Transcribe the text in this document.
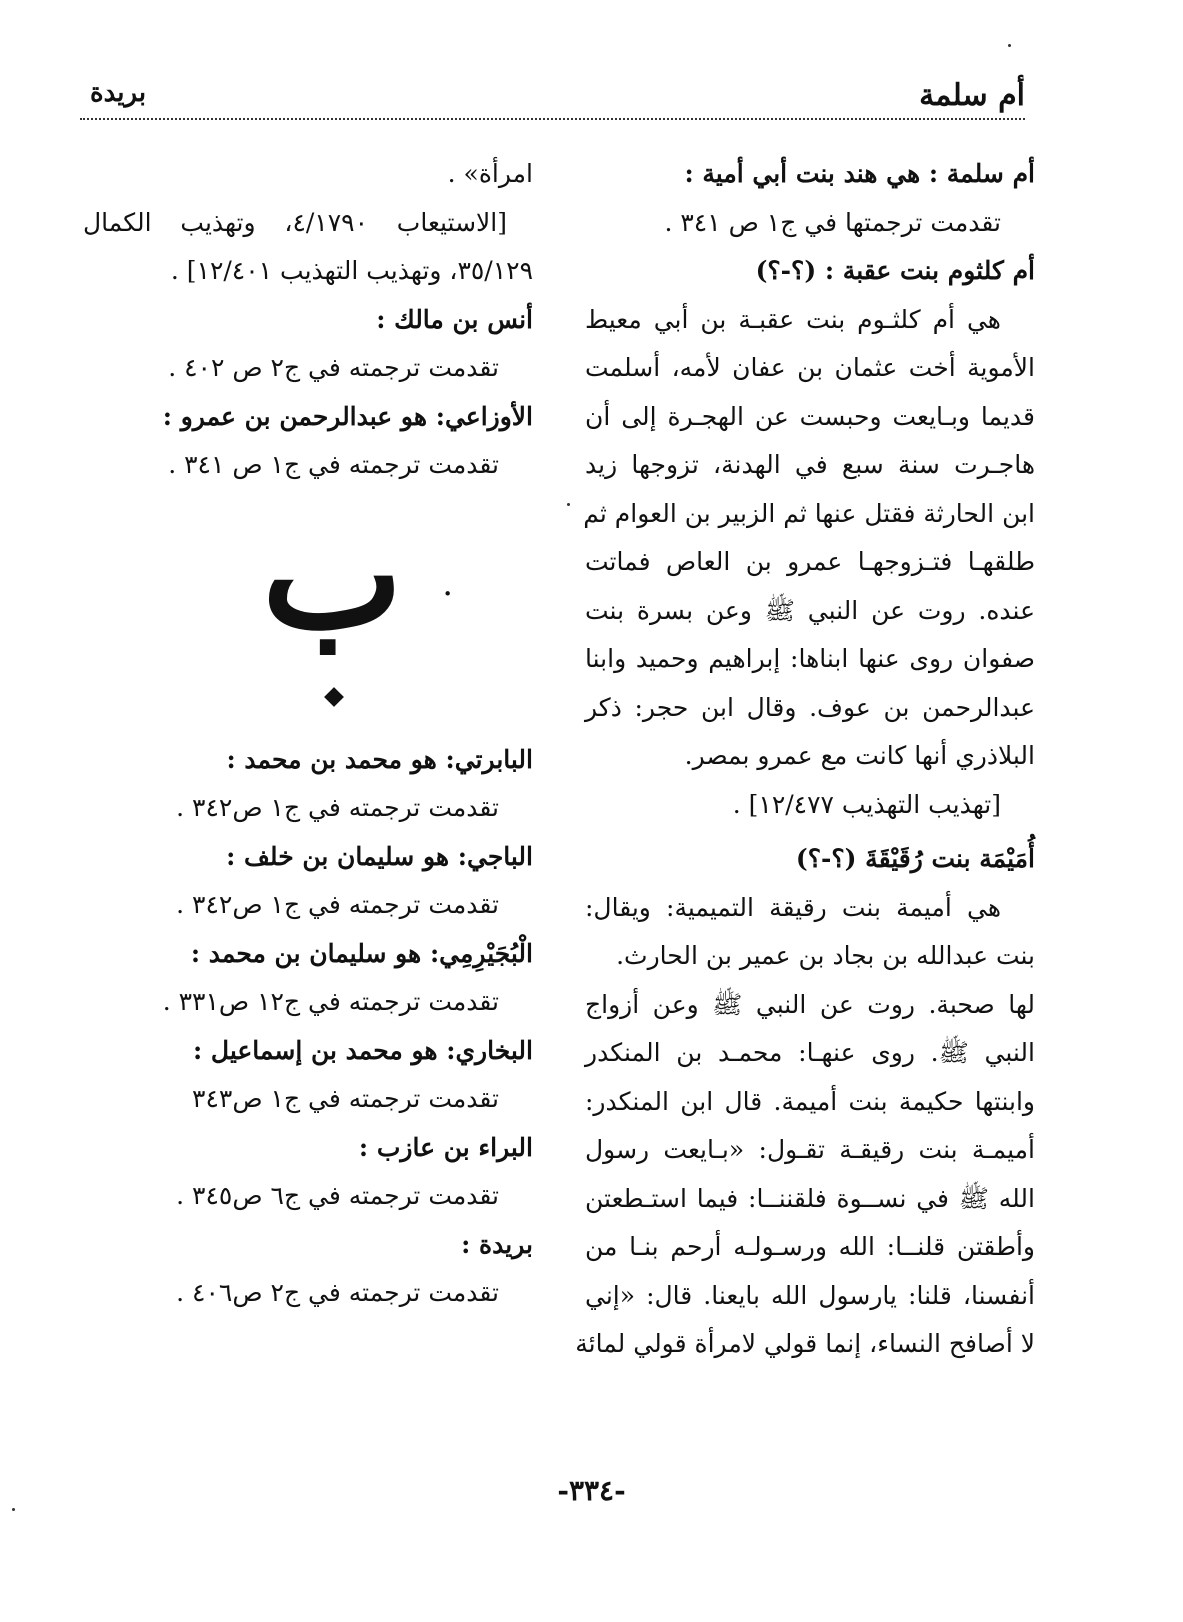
أم سلمة
بريدة
أم سلمة : هي هند بنت أبي أمية :
تقدمت ترجمتها في ج١ ص ٣٤١ .
أم كلثوم بنت عقبة : (؟-؟)
هي أم كلثـوم بنت عقبـة بن أبي معيط
الأموية أخت عثمان بن عفان لأمه، أسلمت
قديما وبـايعت وحبست عن الهجـرة إلى أن
هاجـرت سنة سبع في الهدنة، تزوجها زيد
ابن الحارثة فقتل عنها ثم الزبير بن العوام ثم
طلقهـا فتـزوجهـا عمرو بن العاص فماتت
عنده. روت عن النبي ﷺ وعن بسرة بنت
صفوان روى عنها ابناها: إبراهيم وحميد وابنا
عبدالرحمن بن عوف. وقال ابن حجر: ذكر
البلاذري أنها كانت مع عمرو بمصر.
[تهذيب التهذيب ١٢/٤٧٧] .
أُمَيْمَة بنت رُقَيْقَةَ (؟-؟)
هي أميمة بنت رقيقة التميمية: ويقال:
بنت عبدالله بن بجاد بن عمير بن الحارث.
لها صحبة. روت عن النبي ﷺ وعن أزواج
النبي ﷺ. روى عنهـا: محمـد بن المنكدر
وابنتها حكيمة بنت أميمة. قال ابن المنكدر:
أميمـة بنت رقيقـة تقـول: «بـايعت رسول
الله ﷺ في نســوة فلقننــا: فيما استـطعتن
وأطقتن قلنــا: الله ورسـولـه أرحم بنـا من
أنفسنا، قلنا: يارسول الله بايعنا. قال: «إني
لا أصافح النساء، إنما قولي لامرأة قولي لمائة
امرأة» .
[الاستيعاب ٤/١٧٩٠، وتهذيب الكمال
٣٥/١٢٩، وتهذيب التهذيب ١٢/٤٠١] .
أنس بن مالك :
تقدمت ترجمته في ج٢ ص ٤٠٢ .
الأوزاعي: هو عبدالرحمن بن عمرو :
تقدمت ترجمته في ج١ ص ٣٤١ .
ب .
البابرتي: هو محمد بن محمد :
تقدمت ترجمته في ج١ ص٣٤٢ .
الباجي: هو سليمان بن خلف :
تقدمت ترجمته في ج١ ص٣٤٢ .
الْبُجَيْرِمِي: هو سليمان بن محمد :
تقدمت ترجمته في ج١٢ ص٣٣١ .
البخاري: هو محمد بن إسماعيل :
تقدمت ترجمته في ج١ ص٣٤٣
البراء بن عازب :
تقدمت ترجمته في ج٦ ص٣٤٥ .
بريدة :
تقدمت ترجمته في ج٢ ص٤٠٦ .
-٣٣٤-
